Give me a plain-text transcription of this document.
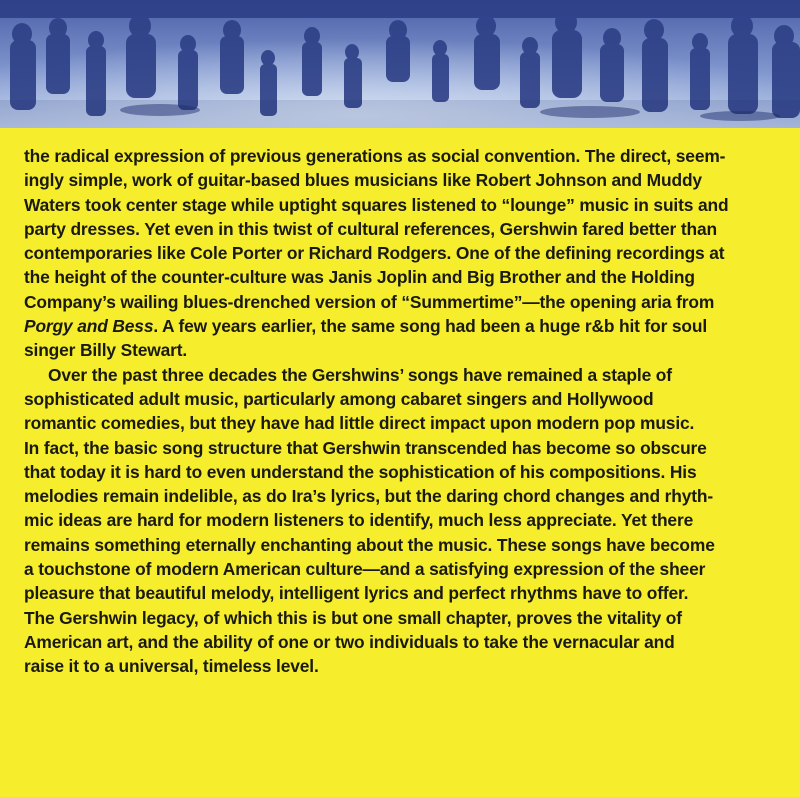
the radical expression of previous generations as social convention. The direct, seem-
ingly simple, work of guitar-based blues musicians like Robert Johnson and Muddy
Waters took center stage while uptight squares listened to “lounge” music in suits and
party dresses. Yet even in this twist of cultural references, Gershwin fared better than
contemporaries like Cole Porter or Richard Rodgers. One of the defining recordings at
the height of the counter-culture was Janis Joplin and Big Brother and the Holding
Company’s wailing blues-drenched version of “Summertime”—the opening aria from
Porgy and Bess. A few years earlier, the same song had been a huge r&b hit for soul
singer Billy Stewart.

Over the past three decades the Gershwins’ songs have remained a staple of
sophisticated adult music, particularly among cabaret singers and Hollywood
romantic comedies, but they have had little direct impact upon modern pop music.
In fact, the basic song structure that Gershwin transcended has become so obscure
that today it is hard to even understand the sophistication of his compositions. His
melodies remain indelible, as do Ira’s lyrics, but the daring chord changes and rhyth-
mic ideas are hard for modern listeners to identify, much less appreciate. Yet there
remains something eternally enchanting about the music. These songs have become
a touchstone of modern American culture—and a satisfying expression of the sheer
pleasure that beautiful melody, intelligent lyrics and perfect rhythms have to offer.
The Gershwin legacy, of which this is but one small chapter, proves the vitality of
American art, and the ability of one or two individuals to take the vernacular and
raise it to a universal, timeless level.
